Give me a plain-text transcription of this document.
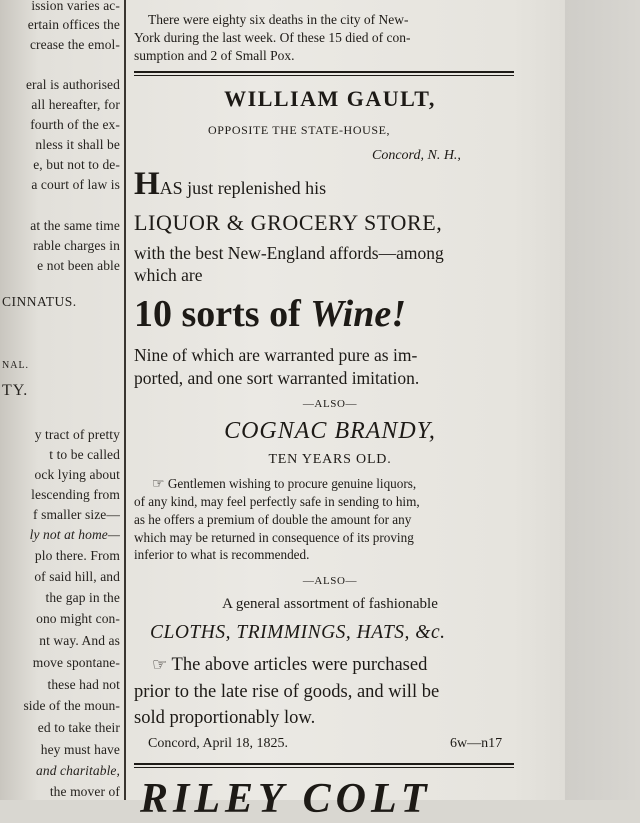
ission varies ac-
ertain offices the
crease the emol-
eral is authorised
all hereafter, for
fourth of the ex-
nless it shall be
e, but not to de-
a court of law is
at the same time
rable charges in
e not been able
CINNATUS.
NAL.
TY.
y tract of pretty
t to be called
ock lying about
lescending from
f smaller size—
ly not at home—
plo there. From
of said hill, and
the gap in the
ono might con-
nt way. And as
move spontane-
these had not
side of the moun-
ed to take their
hey must have
and charitable,
the mover of
There were eighty six deaths in the city of New-
York during the last week. Of these 15 died of con-
sumption and 2 of Small Pox.
WILLIAM GAULT,
OPPOSITE THE STATE-HOUSE,
Concord, N. H.,
HAS just replenished his
LIQUOR & GROCERY STORE,
with the best New-England affords—among
which are
10 sorts of Wine!
Nine of which are warranted pure as im-
ported, and one sort warranted imitation.
—ALSO—
COGNAC BRANDY,
TEN YEARS OLD.
☞ Gentlemen wishing to procure genuine liquors,
of any kind, may feel perfectly safe in sending to him,
as he offers a premium of double the amount for any
which may be returned in consequence of its proving
inferior to what is recommended.
—ALSO—
A general assortment of fashionable
CLOTHS, TRIMMINGS, HATS, &c.
☞ The above articles were purchased
prior to the late rise of goods, and will be
sold proportionably low.
Concord, April 18, 1825.	6w—n17
RILEY COLT
